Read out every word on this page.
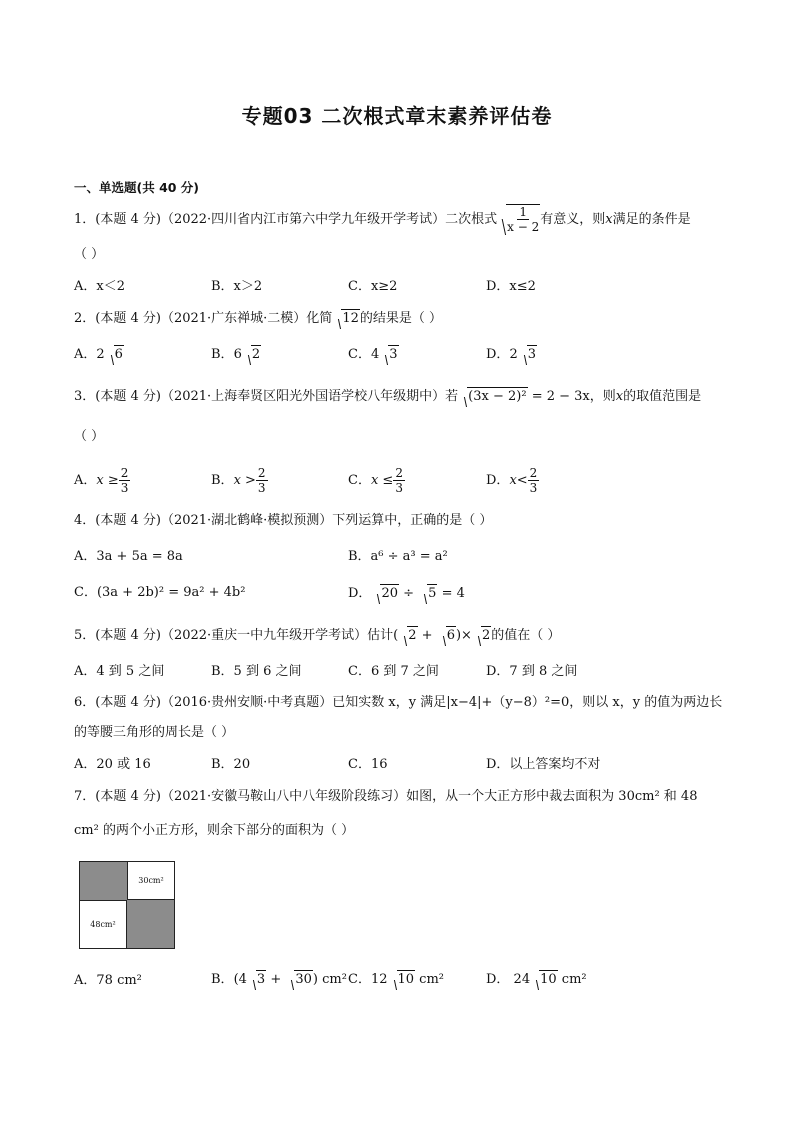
专题03 二次根式章末素养评估卷
一、单选题(共 40 分)
1．(本题 4 分)（2022·四川省内江市第六中学九年级开学考试）二次根式 $\frac{1}{x - 2}$ 有意义，则x满足的条件是
（ ）
A．x＜2	B．x＞2	C．x≥2	D．x≤2
2．(本题 4 分)（2021·广东禅城·二模）化简 12的结果是（ ）
A．2 6	B．6 2	C．4 3	D．2 3
3．(本题 4 分)（2021·上海奉贤区阳光外国语学校八年级期中）若 (3x − 2)² = 2 − 3x，则x的取值范围是
（ ）
A．$x \ge \frac{2}{3}$	B．$x > \frac{2}{3}$	C．$x \le \frac{2}{3}$	D．$x< \frac{2}{3}$
4．(本题 4 分)（2021·湖北鹤峰·模拟预测）下列运算中，正确的是（ ）
A．3a + 5a = 8a	B．a⁶ ÷ a³ = a²
C．(3a + 2b)² = 9a² + 4b²	D． 20 ÷ 5 = 4
5．(本题 4 分)（2022·重庆一中九年级开学考试）估计( 2 + 6)× 2的值在（ ）
A．4 到 5 之间	B．5 到 6 之间	C．6 到 7 之间	D．7 到 8 之间
6．(本题 4 分)（2016·贵州安顺·中考真题）已知实数 x，y 满足|x−4|+（y−8）²=0，则以 x，y 的值为两边长
的等腰三角形的周长是（ ）
A．20 或 16	B．20	C．16	D．以上答案均不对
7．(本题 4 分)（2021·安徽马鞍山八中八年级阶段练习）如图，从一个大正方形中裁去面积为 30cm² 和 48
cm² 的两个小正方形，则余下部分的面积为（ ）
30cm²
48cm²
A．78 cm²	B．(4 3 + 30) cm² C．12 10 cm²	D． 24 10 cm²
